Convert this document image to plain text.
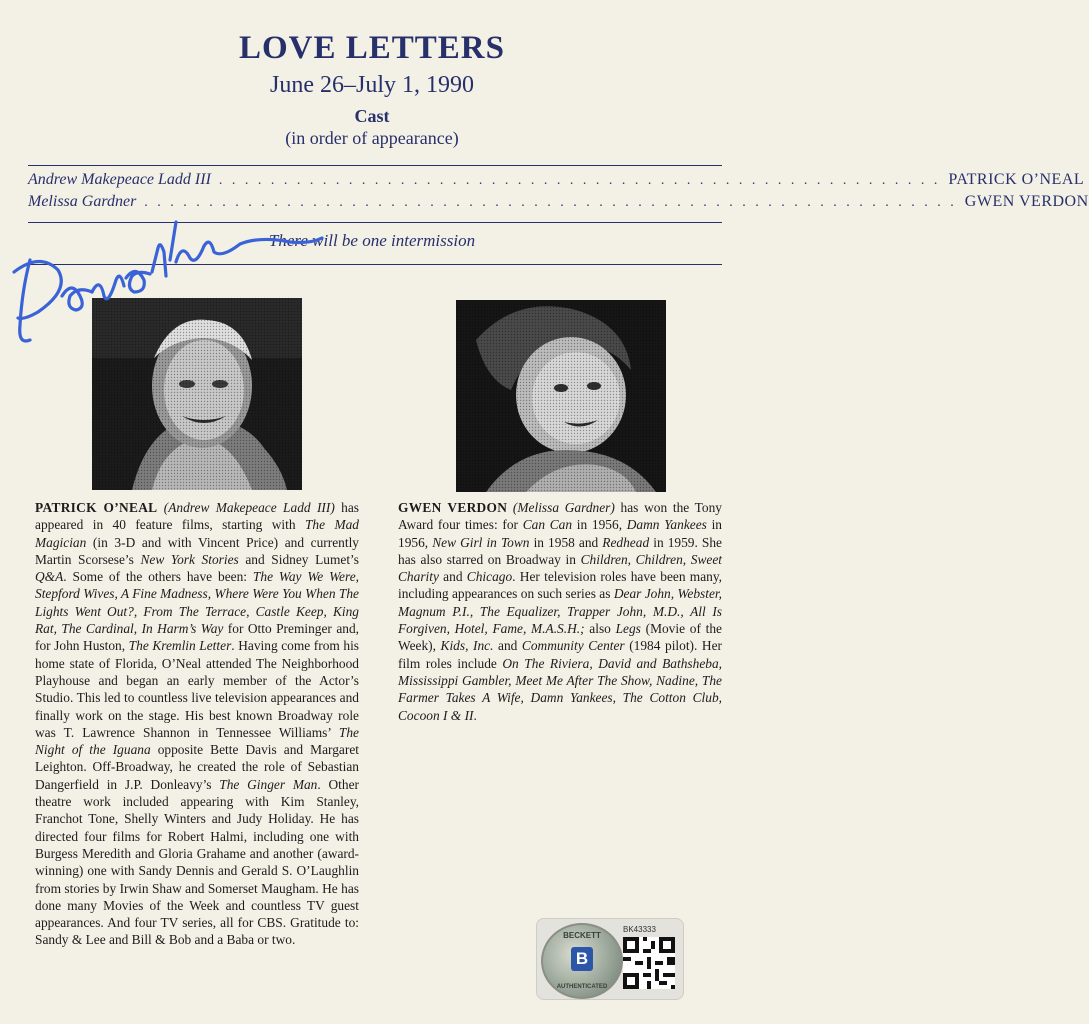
LOVE LETTERS
June 26–July 1, 1990
Cast
(in order of appearance)
Andrew Makepeace Ladd III . . . . . . . . . . . . . . . . . . . . . . . . . . . . . . . . . . . . . . . . . . . . . . . . . . . . . . . . PATRICK O’NEAL
Melissa Gardner . . . . . . . . . . . . . . . . . . . . . . . . . . . . . . . . . . . . . . . . . . . . . . . . . . . . . . . . . . . . . . . GWEN VERDON
There will be one intermission
PATRICK O’NEAL (Andrew Makepeace Ladd III) has appeared in 40 feature films, starting with The Mad Magician (in 3-D and with Vincent Price) and currently Martin Scorsese’s New York Stories and Sidney Lumet’s Q&A. Some of the others have been: The Way We Were, Stepford Wives, A Fine Madness, Where Were You When The Lights Went Out?, From The Terrace, Castle Keep, King Rat, The Cardinal, In Harm’s Way for Otto Preminger and, for John Huston, The Kremlin Letter. Having come from his home state of Florida, O’Neal attended The Neighborhood Playhouse and began an early member of the Actor’s Studio. This led to countless live television appearances and finally work on the stage. His best known Broadway role was T. Lawrence Shannon in Tennessee Williams’ The Night of the Iguana opposite Bette Davis and Margaret Leighton. Off-Broadway, he created the role of Sebastian Dangerfield in J.P. Donleavy’s The Ginger Man. Other theatre work included appearing with Kim Stanley, Franchot Tone, Shelly Winters and Judy Holiday. He has directed four films for Robert Halmi, including one with Burgess Meredith and Gloria Grahame and another (award-winning) one with Sandy Dennis and Gerald S. O’Laughlin from stories by Irwin Shaw and Somerset Maugham. He has done many Movies of the Week and countless TV guest appearances. And four TV series, all for CBS. Gratitude to: Sandy & Lee and Bill & Bob and a Baba or two.
GWEN VERDON (Melissa Gardner) has won the Tony Award four times: for Can Can in 1956, Damn Yankees in 1956, New Girl in Town in 1958 and Redhead in 1959. She has also starred on Broadway in Children, Children, Sweet Charity and Chicago. Her television roles have been many, including appearances on such series as Dear John, Webster, Magnum P.I., The Equalizer, Trapper John, M.D., All Is Forgiven, Hotel, Fame, M.A.S.H.; also Legs (Movie of the Week), Kids, Inc. and Community Center (1984 pilot). Her film roles include On The Riviera, David and Bathsheba, Mississippi Gambler, Meet Me After The Show, Nadine, The Farmer Takes A Wife, Damn Yankees, The Cotton Club, Cocoon I & II.
BECKETT
B
AUTHENTICATED
BK43333
